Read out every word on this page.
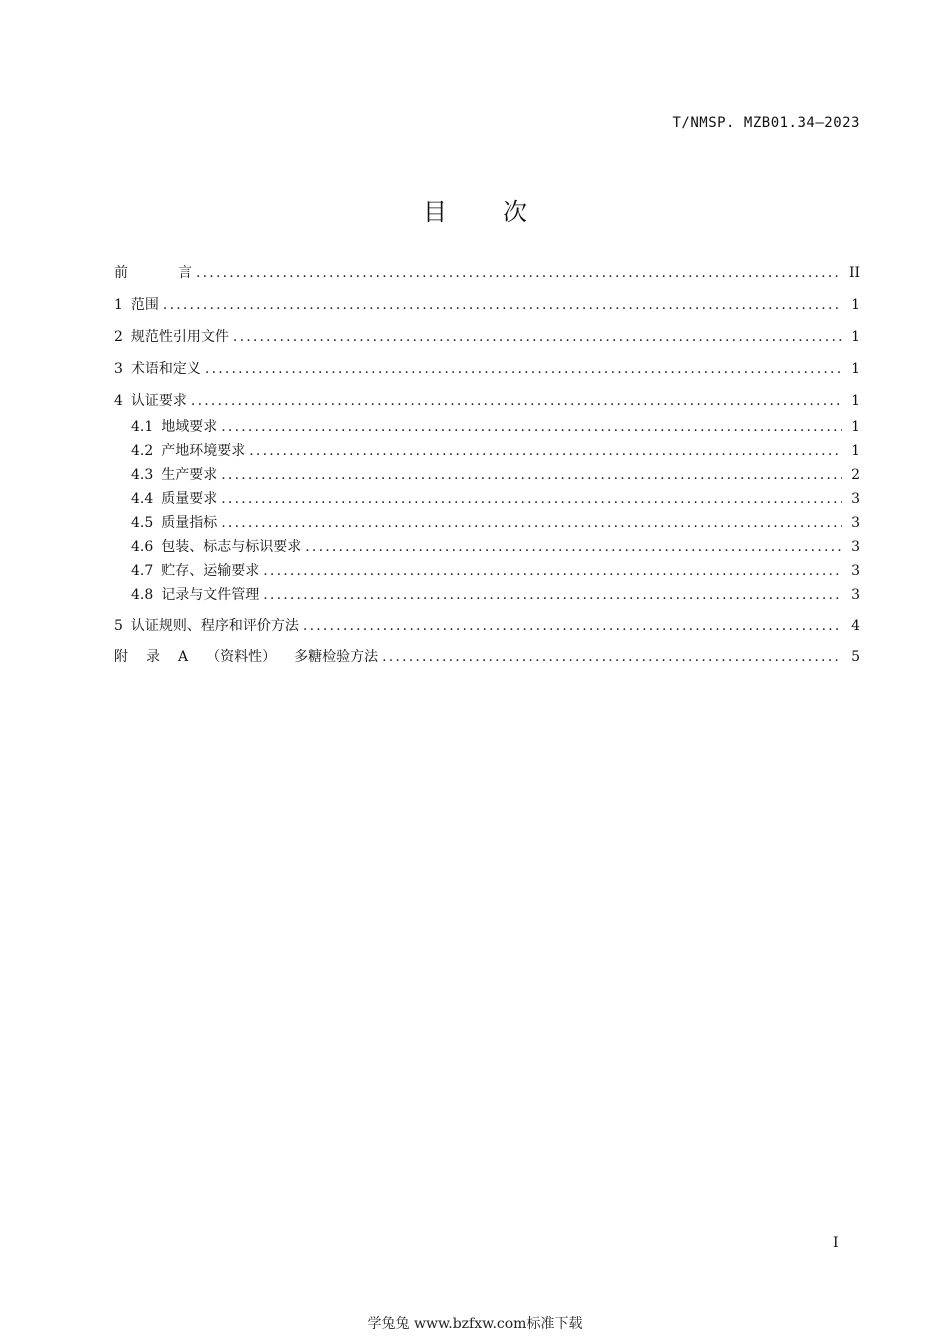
T/NMSP. MZB01.34—2023
目 次
前	言 .....	II
1 范围 .....	1
2 规范性引用文件 .....	1
3 术语和定义 .....	1
4 认证要求 .....	1
4.1 地域要求 .....	1
4.2 产地环境要求 .....	1
4.3 生产要求 .....	2
4.4 质量要求 .....	3
4.5 质量指标 .....	3
4.6 包装、标志与标识要求 .....	3
4.7 贮存、运输要求 .....	3
4.8 记录与文件管理 .....	3
5 认证规则、程序和评价方法 .....	4
附 录 A （资料性） 多糖检验方法 .....	5
I
学兔兔 www.bzfxw.com标准下载
